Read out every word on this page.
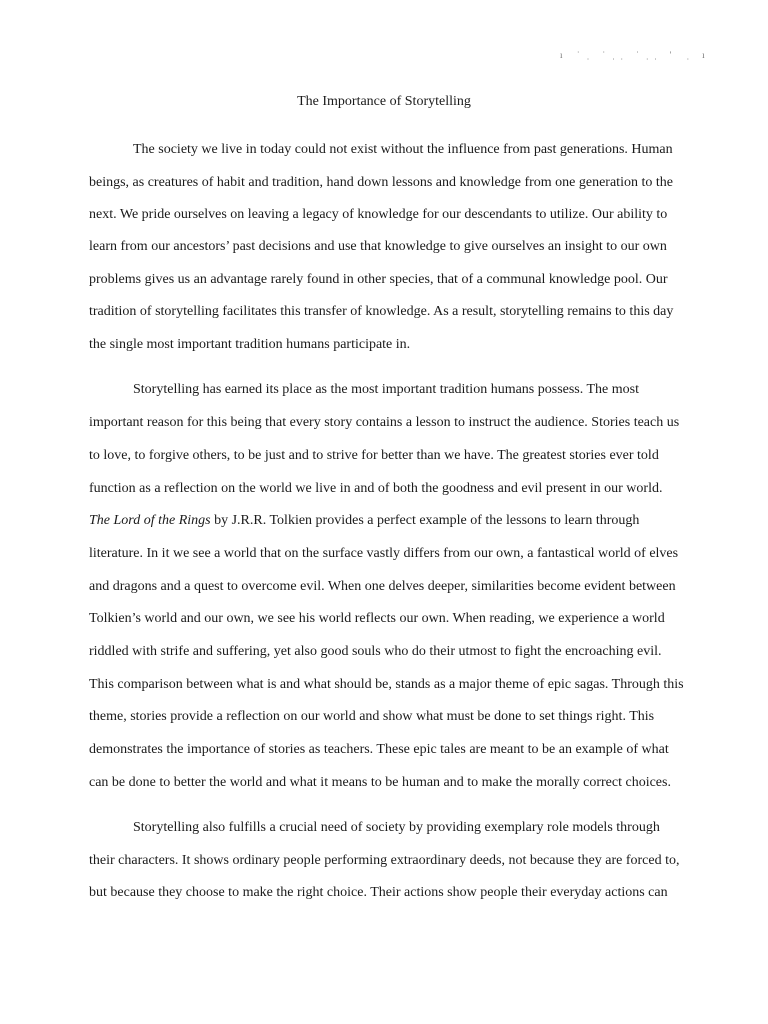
ı ˙ ̣ ˙ ̣ ̣ ˙ ̣ ̣ '  ̣ ı
The Importance of Storytelling
The society we live in today could not exist without the influence from past generations. Human
beings, as creatures of habit and tradition, hand down lessons and knowledge from one generation to the
next. We pride ourselves on leaving a legacy of knowledge for our descendants to utilize. Our ability to
learn from our ancestors’ past decisions and use that knowledge to give ourselves an insight to our own
problems gives us an advantage rarely found in other species, that of a communal knowledge pool. Our
tradition of storytelling facilitates this transfer of knowledge. As a result, storytelling remains to this day
the single most important tradition humans participate in.
Storytelling has earned its place as the most important tradition humans possess. The most
important reason for this being that every story contains a lesson to instruct the audience. Stories teach us
to love, to forgive others, to be just and to strive for better than we have. The greatest stories ever told
function as a reflection on the world we live in and of both the goodness and evil present in our world.
The Lord of the Rings by J.R.R. Tolkien provides a perfect example of the lessons to learn through
literature. In it we see a world that on the surface vastly differs from our own, a fantastical world of elves
and dragons and a quest to overcome evil. When one delves deeper, similarities become evident between
Tolkien’s world and our own, we see his world reflects our own. When reading, we experience a world
riddled with strife and suffering, yet also good souls who do their utmost to fight the encroaching evil.
This comparison between what is and what should be, stands as a major theme of epic sagas. Through this
theme, stories provide a reflection on our world and show what must be done to set things right. This
demonstrates the importance of stories as teachers. These epic tales are meant to be an example of what
can be done to better the world and what it means to be human and to make the morally correct choices.
Storytelling also fulfills a crucial need of society by providing exemplary role models through
their characters. It shows ordinary people performing extraordinary deeds, not because they are forced to,
but because they choose to make the right choice. Their actions show people their everyday actions can
